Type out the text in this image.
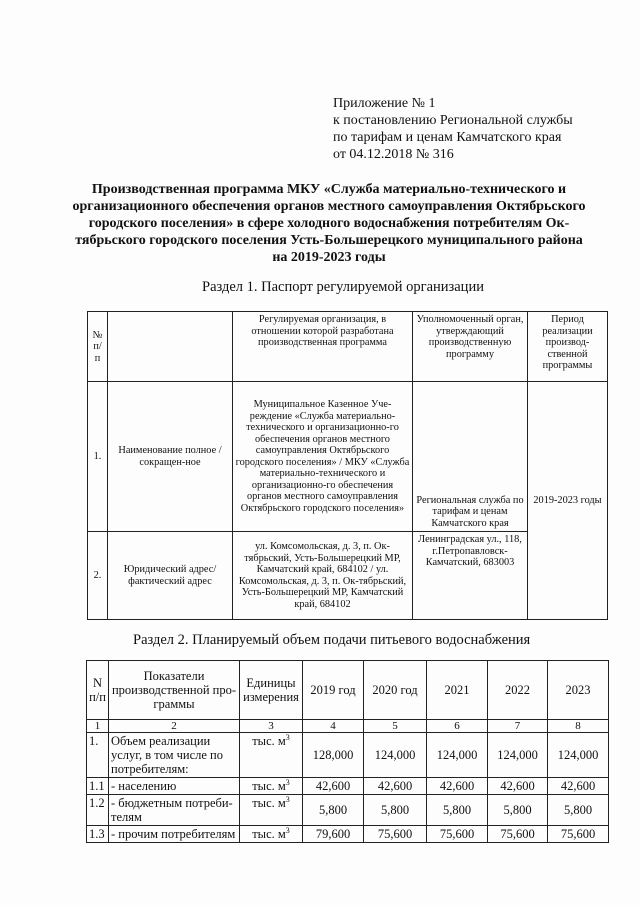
Приложение № 1
к постановлению Региональной службы
по тарифам и ценам Камчатского края
от 04.12.2018 № 316
Производственная программа МКУ «Служба материально-технического и
организационного обеспечения органов местного самоуправления Октябрьского
городского поселения» в сфере холодного водоснабжения потребителям Ок-
тябрьского городского поселения Усть-Большерецкого муниципального района
на 2019-2023 годы
Раздел 1. Паспорт регулируемой организации
№ п/ п		Регулируемая организация, в отношении которой разработана производственная программа	Уполномоченный орган, утверждающий производственную программу	Период реализации производ-ственной программы
1.	Наименование полное / сокращен-ное	Муниципальное Казенное Уче-реждение «Служба материально-технического и организационно-го обеспечения органов местного самоуправления Октябрьского городского поселения» / МКУ «Служба материально-технического и организационно-го обеспечения органов местного самоуправления Октябрьского городского поселения»	Региональная служба по тарифам и ценам Камчатского края	2019-2023 годы
2.	Юридический адрес/фактический адрес	ул. Комсомольская, д. 3, п. Ок-тябрьский, Усть-Большерецкий МР, Камчатский край, 684102 / ул. Комсомольская, д. 3, п. Ок-тябрьский, Усть-Большерецкий МР, Камчатский край, 684102	Ленинградская ул., 118, г.Петропавловск-Камчатский, 683003	
Раздел 2. Планируемый объем подачи питьевого водоснабжения
N п/п	Показатели производственной про-граммы	Единицы измерения	2019 год	2020 год	2021	2022	2023
1	2	3	4	5	6	7	8
1.	Объем реализации услуг, в том числе по потребителям:	тыс. $м^3$	128,000	124,000	124,000	124,000	124,000
1.1	- населению	тыс. $м^3$	42,600	42,600	42,600	42,600	42,600
1.2	- бюджетным потреби-телям	тыс. $м^3$	5,800	5,800	5,800	5,800	5,800
1.3	- прочим потребителям	тыс. $м^3$	79,600	75,600	75,600	75,600	75,600
